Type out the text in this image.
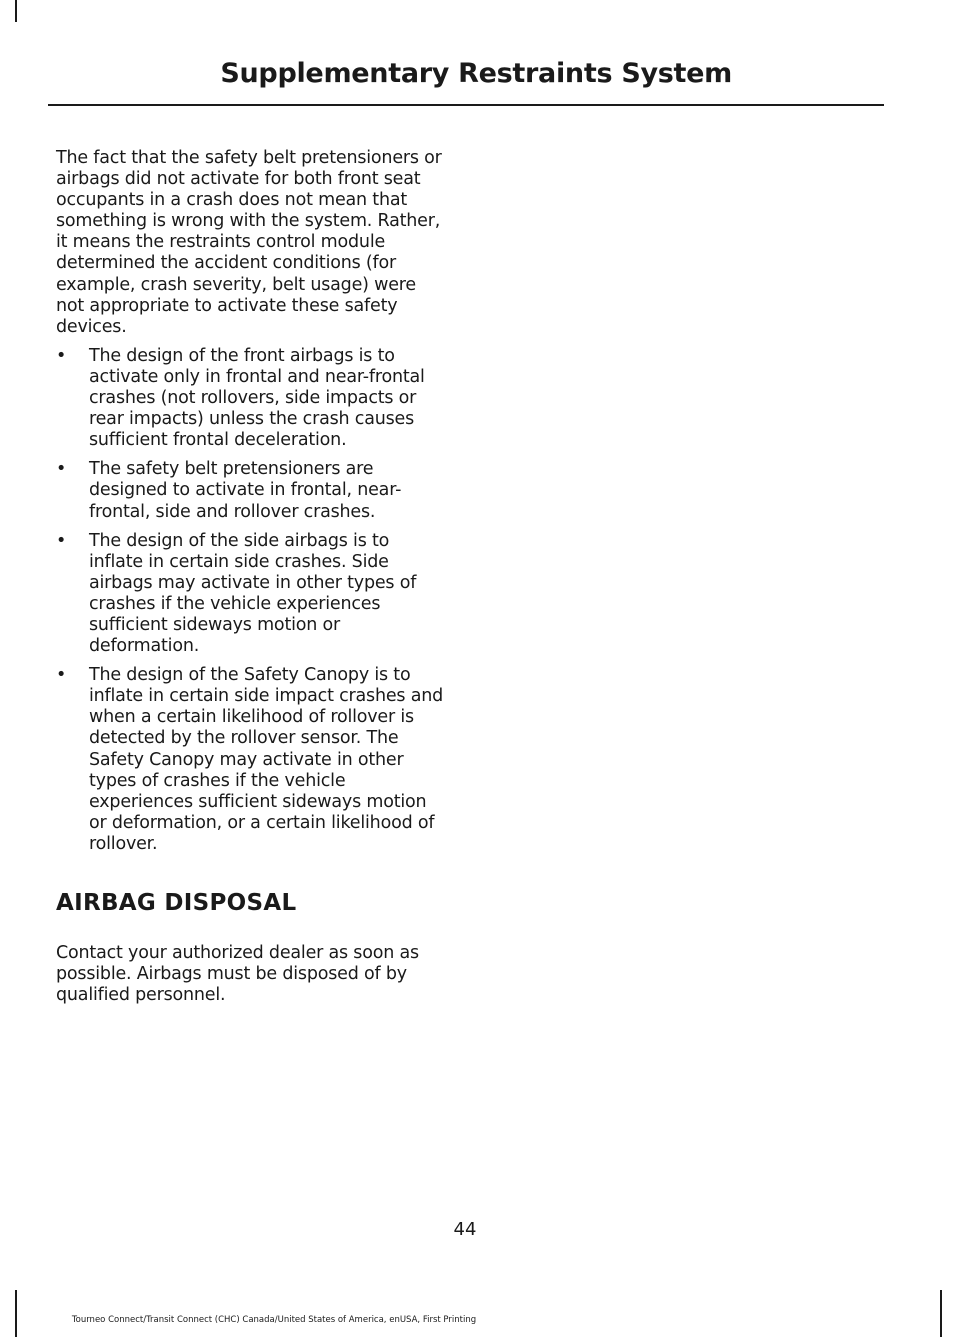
Supplementary Restraints System

The fact that the safety belt pretensioners or airbags did not activate for both front seat occupants in a crash does not mean that something is wrong with the system. Rather, it means the restraints control module determined the accident conditions (for example, crash severity, belt usage) were not appropriate to activate these safety devices.

• The design of the front airbags is to activate only in frontal and near-frontal crashes (not rollovers, side impacts or rear impacts) unless the crash causes sufficient frontal deceleration.
• The safety belt pretensioners are designed to activate in frontal, near-frontal, side and rollover crashes.
• The design of the side airbags is to inflate in certain side crashes. Side airbags may activate in other types of crashes if the vehicle experiences sufficient sideways motion or deformation.
• The design of the Safety Canopy is to inflate in certain side impact crashes and when a certain likelihood of rollover is detected by the rollover sensor. The Safety Canopy may activate in other types of crashes if the vehicle experiences sufficient sideways motion or deformation, or a certain likelihood of rollover.
AIRBAG DISPOSAL

Contact your authorized dealer as soon as possible. Airbags must be disposed of by qualified personnel.

44
Tourneo Connect/Transit Connect (CHC) Canada/United States of America, enUSA, First Printing
